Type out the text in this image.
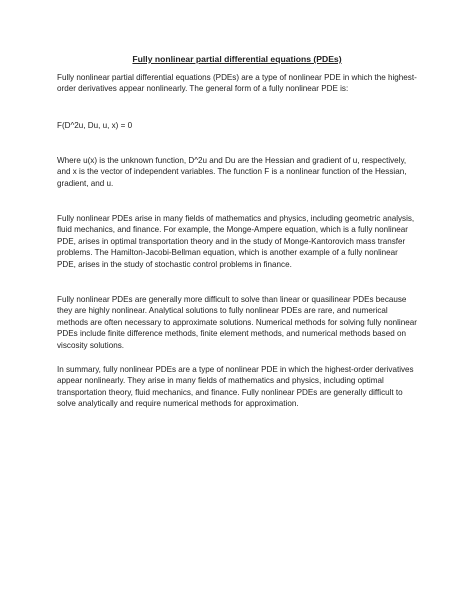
Fully nonlinear partial differential equations (PDEs)

Fully nonlinear partial differential equations (PDEs) are a type of nonlinear PDE in which the highest-order derivatives appear nonlinearly. The general form of a fully nonlinear PDE is:

F(D^2u, Du, u, x) = 0

Where u(x) is the unknown function, D^2u and Du are the Hessian and gradient of u, respectively, and x is the vector of independent variables. The function F is a nonlinear function of the Hessian, gradient, and u.

Fully nonlinear PDEs arise in many fields of mathematics and physics, including geometric analysis, fluid mechanics, and finance. For example, the Monge-Ampere equation, which is a fully nonlinear PDE, arises in optimal transportation theory and in the study of Monge-Kantorovich mass transfer problems. The Hamilton-Jacobi-Bellman equation, which is another example of a fully nonlinear PDE, arises in the study of stochastic control problems in finance.

Fully nonlinear PDEs are generally more difficult to solve than linear or quasilinear PDEs because they are highly nonlinear. Analytical solutions to fully nonlinear PDEs are rare, and numerical methods are often necessary to approximate solutions. Numerical methods for solving fully nonlinear PDEs include finite difference methods, finite element methods, and numerical methods based on viscosity solutions.

In summary, fully nonlinear PDEs are a type of nonlinear PDE in which the highest-order derivatives appear nonlinearly. They arise in many fields of mathematics and physics, including optimal transportation theory, fluid mechanics, and finance. Fully nonlinear PDEs are generally difficult to solve analytically and require numerical methods for approximation.
